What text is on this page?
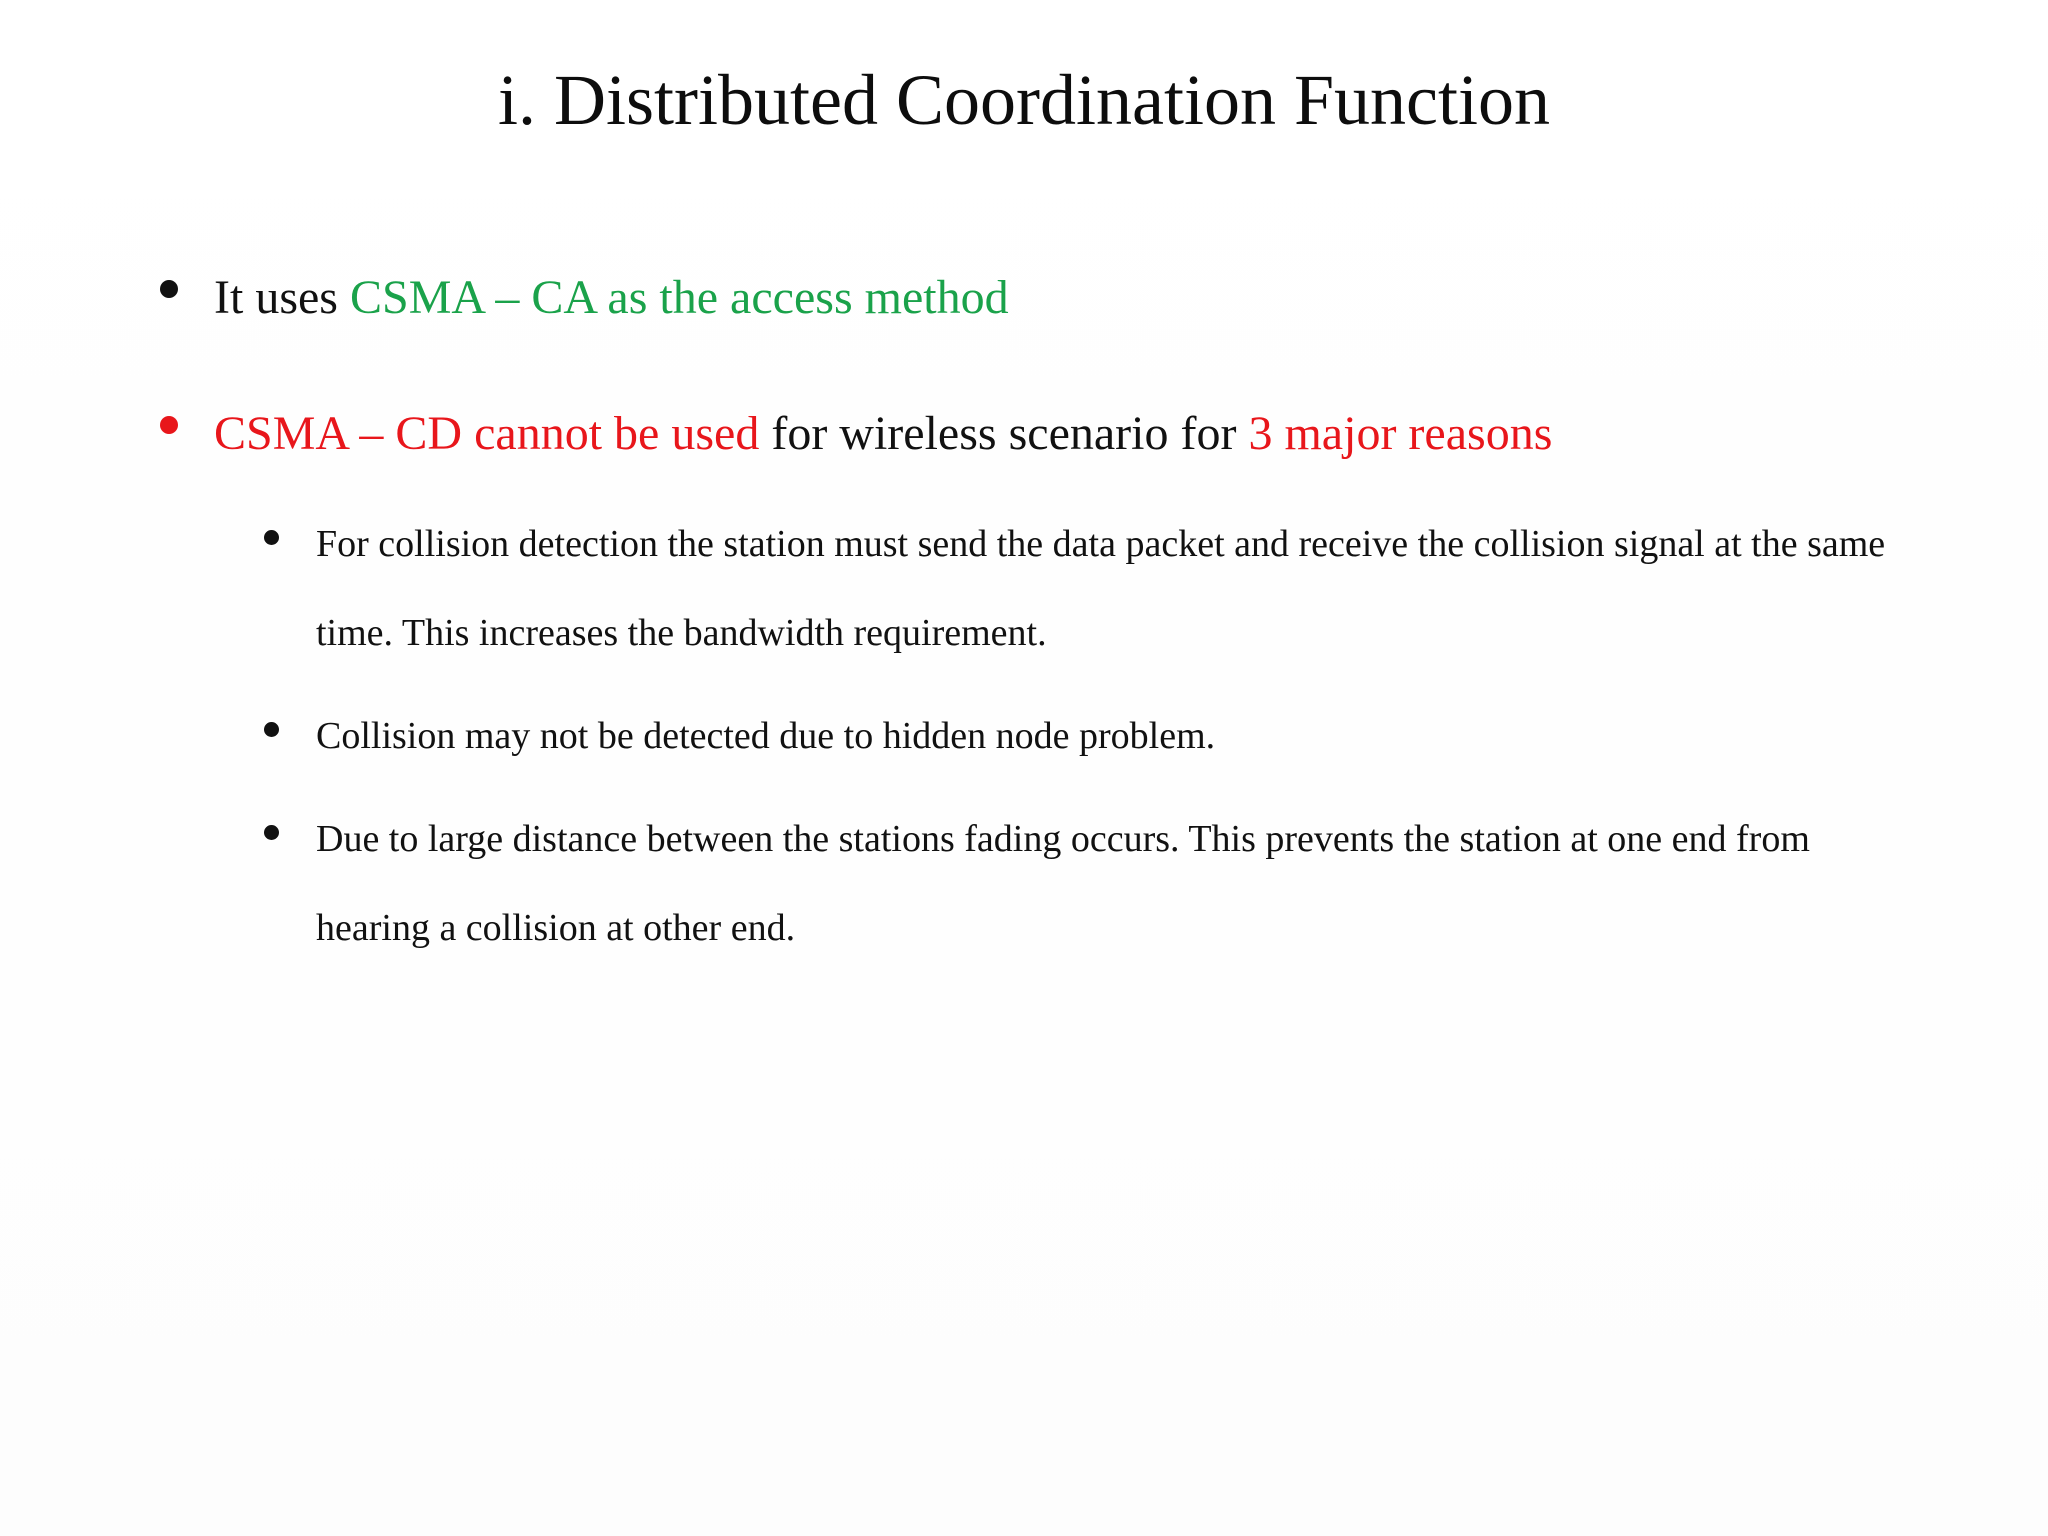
i. Distributed Coordination Function
It uses CSMA – CA as the access method
CSMA – CD cannot be used for wireless scenario for 3 major reasons
For collision detection the station must send the data packet and receive the collision signal at the same time. This increases the bandwidth requirement.
Collision may not be detected due to hidden node problem.
Due to large distance between the stations fading occurs. This prevents the station at one end from hearing a collision at other end.
